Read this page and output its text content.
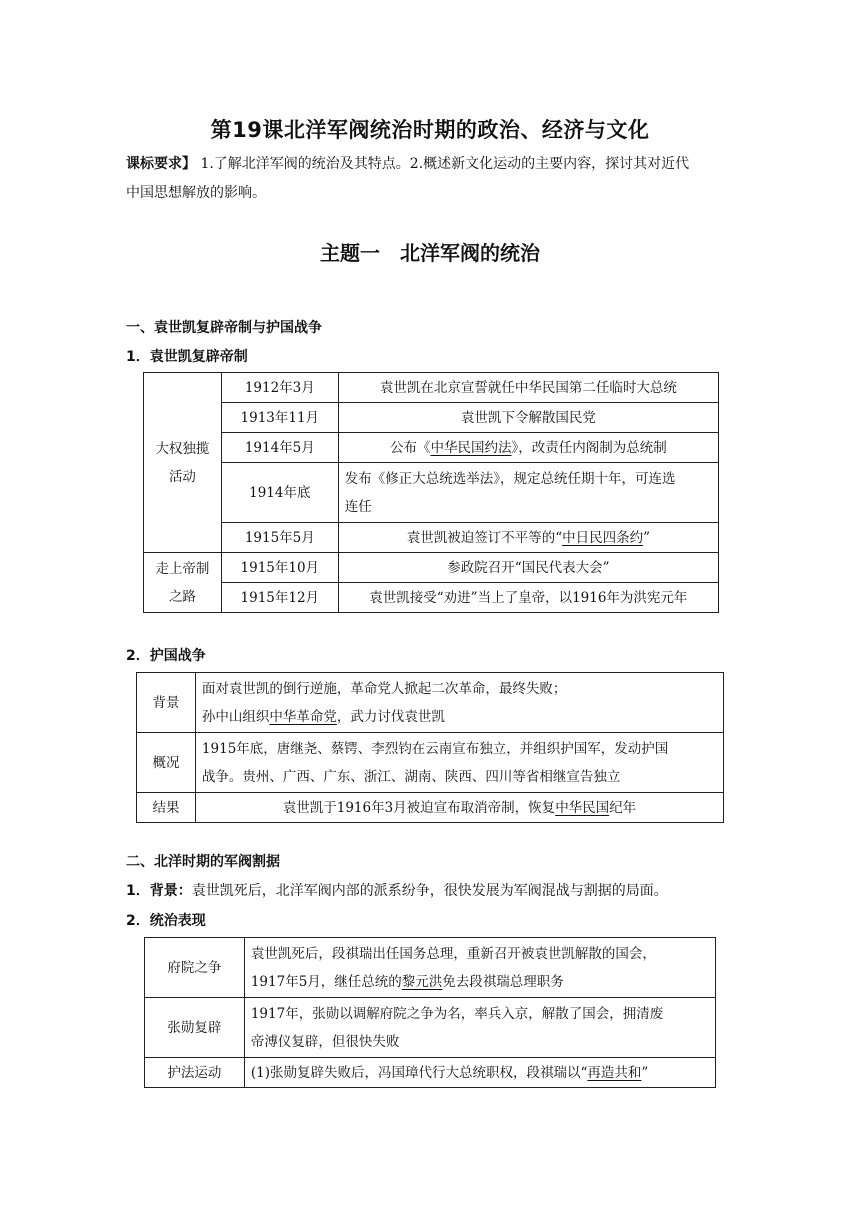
第19课北洋军阀统治时期的政治、经济与文化
课标要求】 1.了解北洋军阀的统治及其特点。2.概述新文化运动的主要内容，探讨其对近代
中国思想解放的影响。
主题一　北洋军阀的统治
一、袁世凯复辟帝制与护国战争
1．袁世凯复辟帝制
大权独揽
活动	1912年3月	袁世凯在北京宣誓就任中华民国第二任临时大总统
	1913年11月	袁世凯下令解散国民党
	1914年5月	公布《中华民国约法》，改责任内阁制为总统制
	1914年底	发布《修正大总统选举法》，规定总统任期十年，可连选
连任
	1915年5月	袁世凯被迫签订不平等的“中日民四条约”
走上帝制
之路	1915年10月	参政院召开“国民代表大会”
	1915年12月	袁世凯接受“劝进”当上了皇帝，以1916年为洪宪元年
2．护国战争
背景	面对袁世凯的倒行逆施，革命党人掀起二次革命，最终失败；
孙中山组织中华革命党，武力讨伐袁世凯
概况	1915年底，唐继尧、蔡锷、李烈钧在云南宣布独立，并组织护国军，发动护国
战争。贵州、广西、广东、浙江、湖南、陕西、四川等省相继宣告独立
结果	袁世凯于1916年3月被迫宣布取消帝制，恢复中华民国纪年
二、北洋时期的军阀割据
1．背景：袁世凯死后，北洋军阀内部的派系纷争，很快发展为军阀混战与割据的局面。
2．统治表现
府院之争	袁世凯死后，段祺瑞出任国务总理，重新召开被袁世凯解散的国会，
1917年5月，继任总统的黎元洪免去段祺瑞总理职务
张勋复辟	1917年，张勋以调解府院之争为名，率兵入京，解散了国会，拥清废
帝溥仪复辟，但很快失败
护法运动	(1)张勋复辟失败后，冯国璋代行大总统职权，段祺瑞以“再造共和”
